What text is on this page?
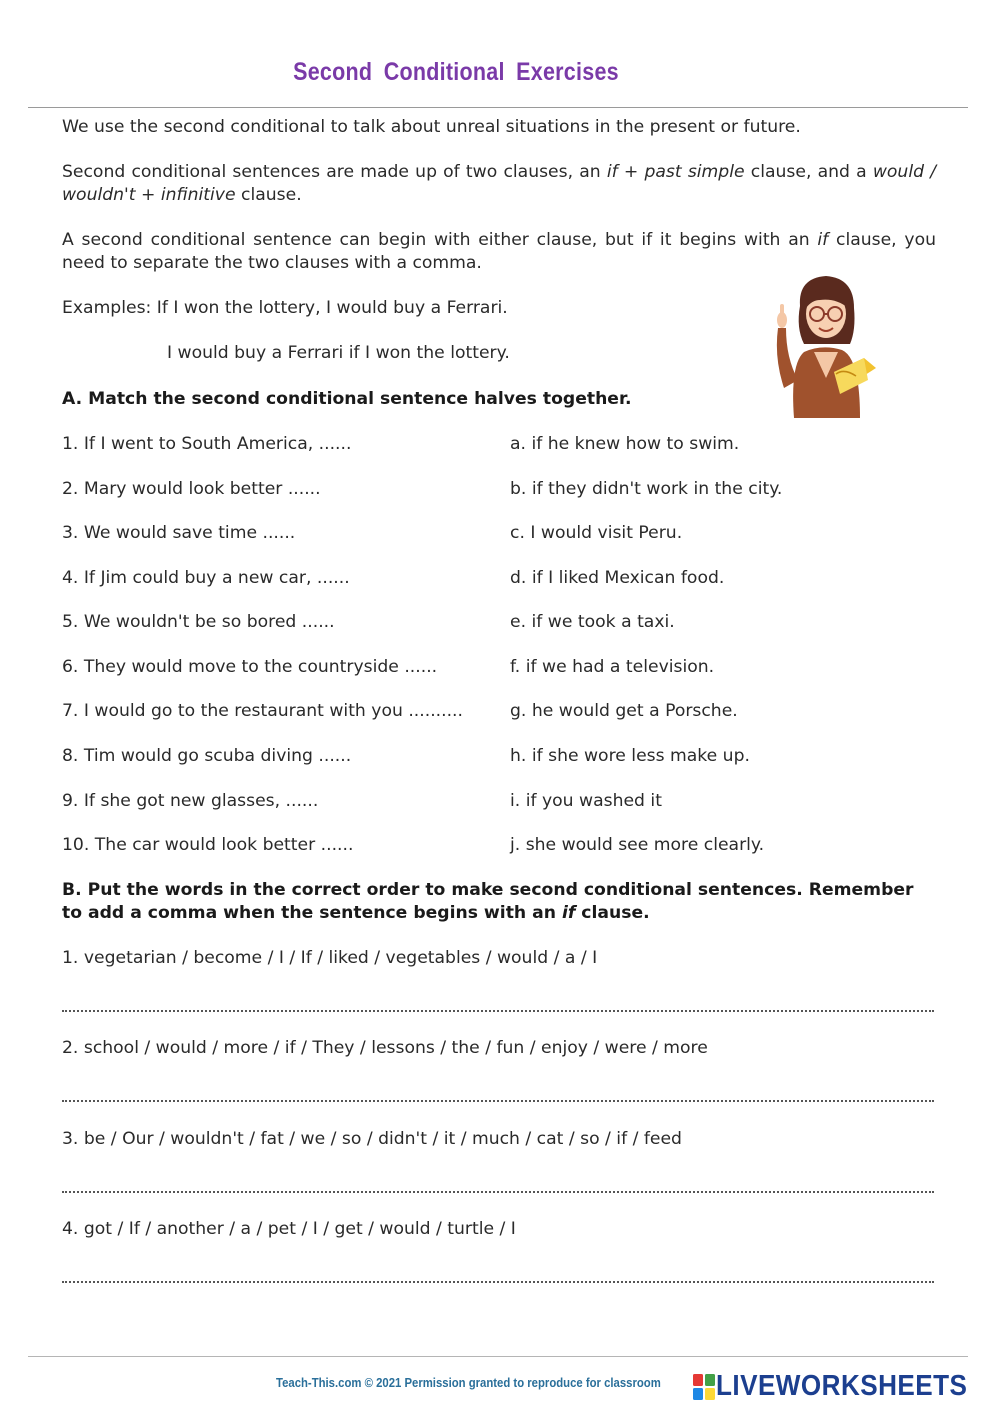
Second Conditional Exercises
We use the second conditional to talk about unreal situations in the present or future.
Second conditional sentences are made up of two clauses, an if + past simple clause, and a would / wouldn't + infinitive clause.
A second conditional sentence can begin with either clause, but if it begins with an if clause, you need to separate the two clauses with a comma.
Examples: If I won the lottery, I would buy a Ferrari.
I would buy a Ferrari if I won the lottery.
A. Match the second conditional sentence halves together.
1. If I went to South America, ......
2. Mary would look better ......
3. We would save time ......
4. If Jim could buy a new car, ......
5. We wouldn't be so bored ......
6. They would move to the countryside ......
7. I would go to the restaurant with you ..........
8. Tim would go scuba diving ......
9. If she got new glasses, ......
10. The car would look better ......
a. if he knew how to swim.
b. if they didn't work in the city.
c. I would visit Peru.
d. if I liked Mexican food.
e. if we took a taxi.
f. if we had a television.
g. he would get a Porsche.
h. if she wore less make up.
i. if you washed it
j. she would see more clearly.
B. Put the words in the correct order to make second conditional sentences. Remember
to add a comma when the sentence begins with an if clause.
1. vegetarian / become / I / If / liked / vegetables / would / a / I
2. school / would / more / if / They / lessons / the / fun / enjoy / were / more
3. be / Our / wouldn't / fat / we / so / didn't / it / much / cat / so / if / feed
4. got / If / another / a / pet / I / get / would / turtle / I
Teach-This.com © 2021 Permission granted to reproduce for classroom LIVEWORKSHEETS
